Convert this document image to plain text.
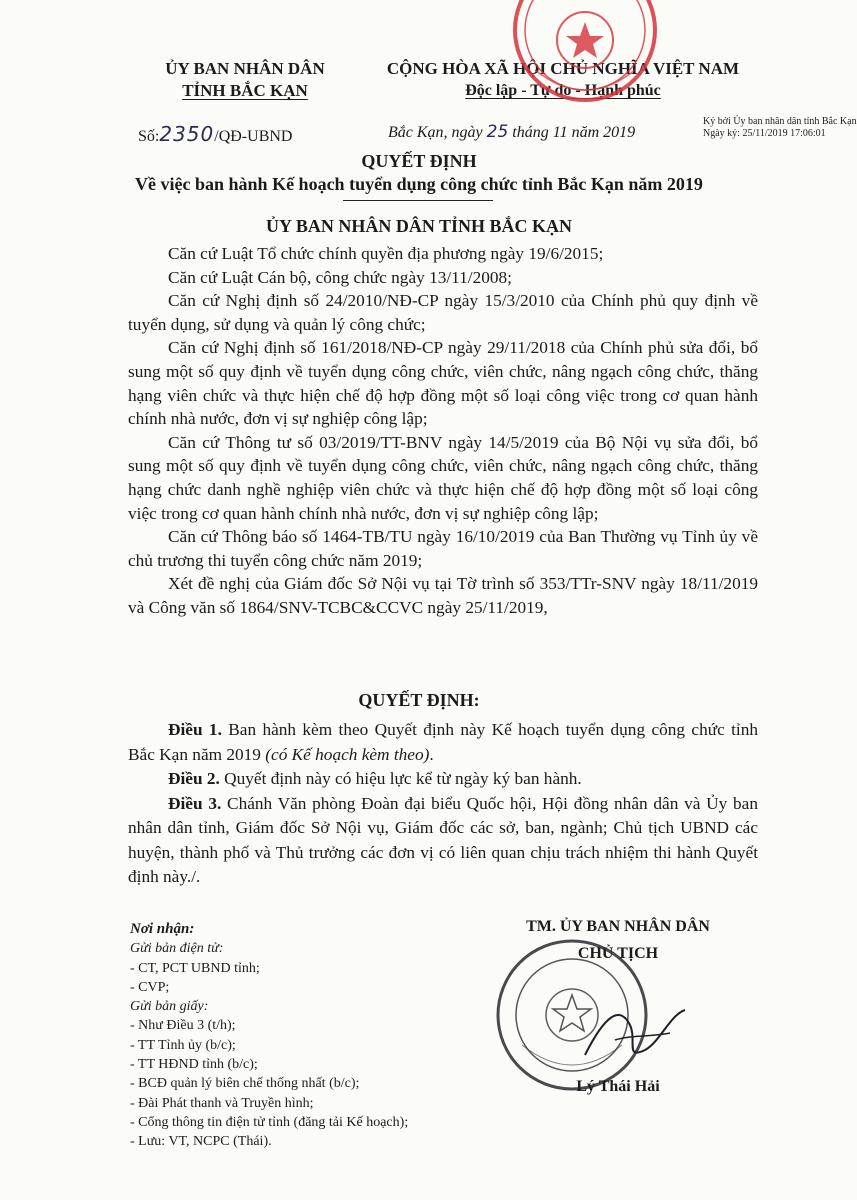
ỦY BAN NHÂN DÂN
TỈNH BẮC KẠN
CỘNG HÒA XÃ HỘI CHỦ NGHĨA VIỆT NAM
Độc lập - Tự do - Hạnh phúc
Số:2350/QĐ-UBND	Bắc Kạn, ngày 25 tháng 11 năm 2019
Ký bởi Ủy ban nhân dân tỉnh Bắc Kạn
Ngày ký: 25/11/2019 17:06:01
QUYẾT ĐỊNH
Về việc ban hành Kế hoạch tuyển dụng công chức tỉnh Bắc Kạn năm 2019
ỦY BAN NHÂN DÂN TỈNH BẮC KẠN

Căn cứ Luật Tổ chức chính quyền địa phương ngày 19/6/2015;

Căn cứ Luật Cán bộ, công chức ngày 13/11/2008;

Căn cứ Nghị định số 24/2010/NĐ-CP ngày 15/3/2010 của Chính phủ quy định về tuyển dụng, sử dụng và quản lý công chức;

Căn cứ Nghị định số 161/2018/NĐ-CP ngày 29/11/2018 của Chính phủ sửa đổi, bổ sung một số quy định về tuyển dụng công chức, viên chức, nâng ngạch công chức, thăng hạng viên chức và thực hiện chế độ hợp đồng một số loại công việc trong cơ quan hành chính nhà nước, đơn vị sự nghiệp công lập;

Căn cứ Thông tư số 03/2019/TT-BNV ngày 14/5/2019 của Bộ Nội vụ sửa đổi, bổ sung một số quy định về tuyển dụng công chức, viên chức, nâng ngạch công chức, thăng hạng chức danh nghề nghiệp viên chức và thực hiện chế độ hợp đồng một số loại công việc trong cơ quan hành chính nhà nước, đơn vị sự nghiệp công lập;

Căn cứ Thông báo số 1464-TB/TU ngày 16/10/2019 của Ban Thường vụ Tỉnh ủy về chủ trương thi tuyển công chức năm 2019;

Xét đề nghị của Giám đốc Sở Nội vụ tại Tờ trình số 353/TTr-SNV ngày 18/11/2019 và Công văn số 1864/SNV-TCBC&CCVC ngày 25/11/2019,

QUYẾT ĐỊNH:

Điều 1. Ban hành kèm theo Quyết định này Kế hoạch tuyển dụng công chức tỉnh Bắc Kạn năm 2019 (có Kế hoạch kèm theo).

Điều 2. Quyết định này có hiệu lực kể từ ngày ký ban hành.

Điều 3. Chánh Văn phòng Đoàn đại biểu Quốc hội, Hội đồng nhân dân và Ủy ban nhân dân tỉnh, Giám đốc Sở Nội vụ, Giám đốc các sở, ban, ngành; Chủ tịch UBND các huyện, thành phố và Thủ trưởng các đơn vị có liên quan chịu trách nhiệm thi hành Quyết định này./.

Nơi nhận:
Gửi bản điện tử:
- CT, PCT UBND tỉnh;
- CVP;
Gửi bản giấy:
- Như Điều 3 (t/h);
- TT Tỉnh ủy (b/c);
- TT HĐND tỉnh (b/c);
- BCĐ quản lý biên chế thống nhất (b/c);
- Đài Phát thanh và Truyền hình;
- Cổng thông tin điện tử tỉnh (đăng tải Kế hoạch);
- Lưu: VT, NCPC (Thái).
TM. ỦY BAN NHÂN DÂN
CHỦ TỊCH
Lý Thái Hải
